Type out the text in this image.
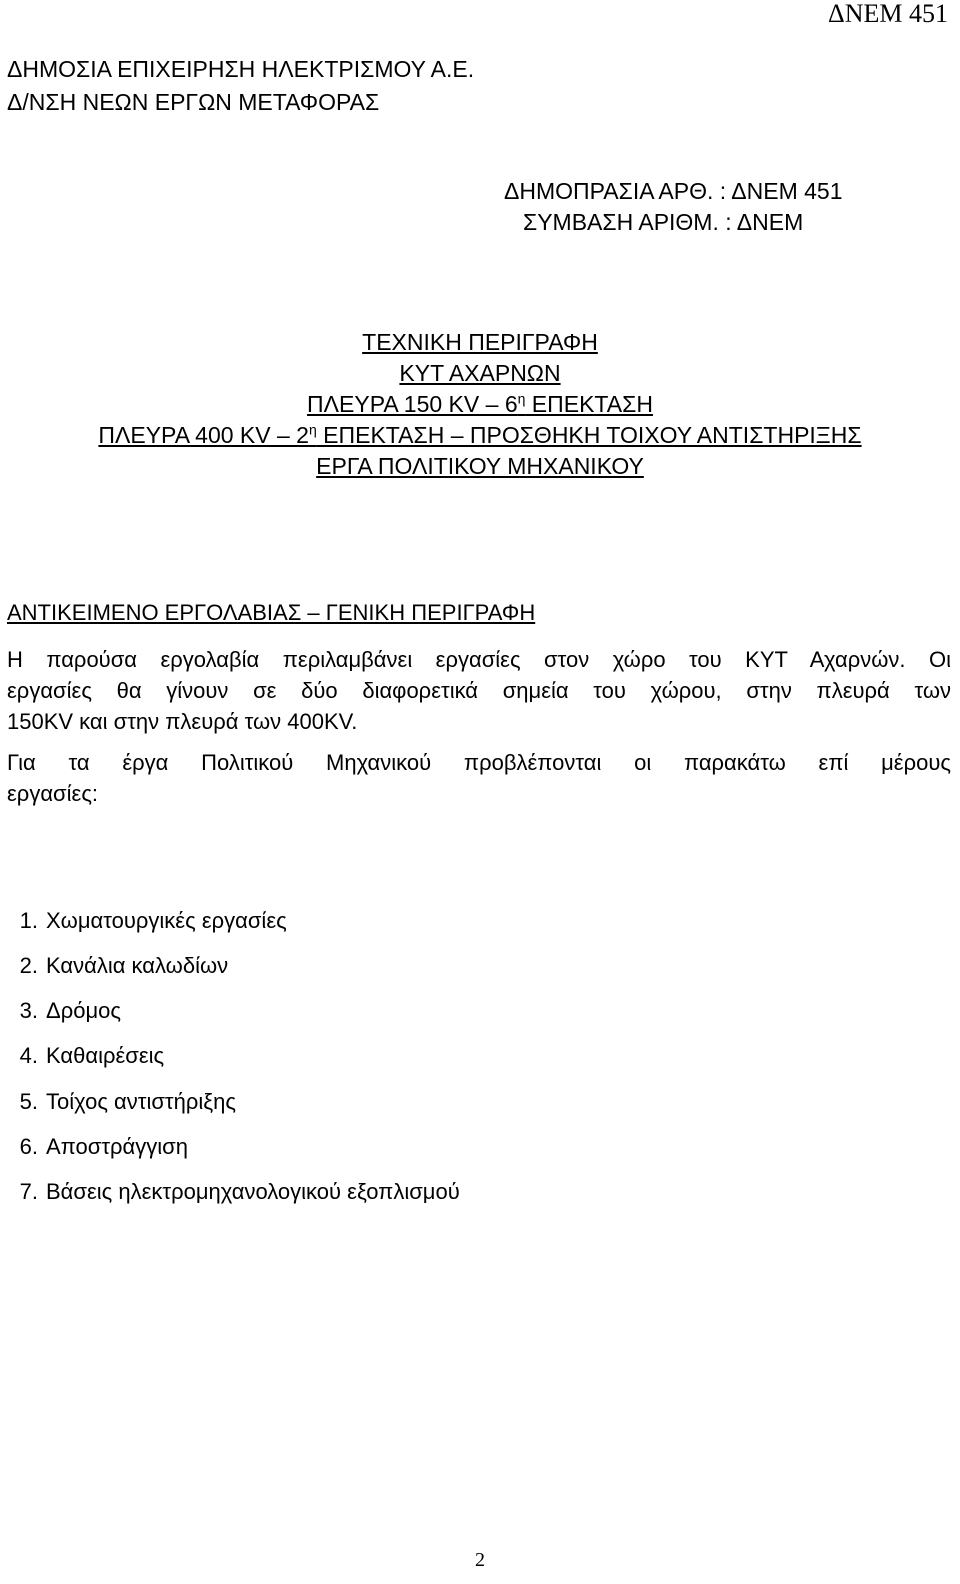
ΔΝΕΜ 451
ΔΗΜΟΣΙΑ ΕΠΙΧΕΙΡΗΣΗ ΗΛΕΚΤΡΙΣΜΟΥ Α.Ε.
Δ/ΝΣΗ ΝΕΩΝ ΕΡΓΩΝ ΜΕΤΑΦΟΡΑΣ
ΔΗΜΟΠΡΑΣΙΑ ΑΡΘ. : ΔΝΕΜ 451
ΣΥΜΒΑΣΗ ΑΡΙΘΜ. : ΔΝΕΜ
ΤΕΧΝΙΚΗ ΠΕΡΙΓΡΑΦΗ
ΚΥΤ ΑΧΑΡΝΩΝ
ΠΛΕΥΡΑ 150 KV – $6^\eta$ ΕΠΕΚΤΑΣΗ
ΠΛΕΥΡΑ 400 KV – $2^\eta$ ΕΠΕΚΤΑΣΗ – ΠΡΟΣΘΗΚΗ ΤΟΙΧΟΥ ΑΝΤΙΣΤΗΡΙΞΗΣ
ΕΡΓΑ ΠΟΛΙΤΙΚΟΥ ΜΗΧΑΝΙΚΟΥ
ΑΝΤΙΚΕΙΜΕΝΟ ΕΡΓΟΛΑΒΙΑΣ – ΓΕΝΙΚΗ ΠΕΡΙΓΡΑΦΗ
Η παρούσα εργολαβία περιλαμβάνει εργασίες στον χώρο του ΚΥΤ Αχαρνών. Οι
εργασίες θα γίνουν σε δύο διαφορετικά σημεία του χώρου, στην πλευρά των
150KV και στην πλευρά των 400KV.
Για τα έργα Πολιτικού Μηχανικού προβλέπονται οι παρακάτω επί μέρους
εργασίες:
1. Χωματουργικές εργασίες
2. Κανάλια καλωδίων
3. Δρόμος
4. Καθαιρέσεις
5. Τοίχος αντιστήριξης
6. Αποστράγγιση
7. Βάσεις ηλεκτρομηχανολογικού εξοπλισμού
2
